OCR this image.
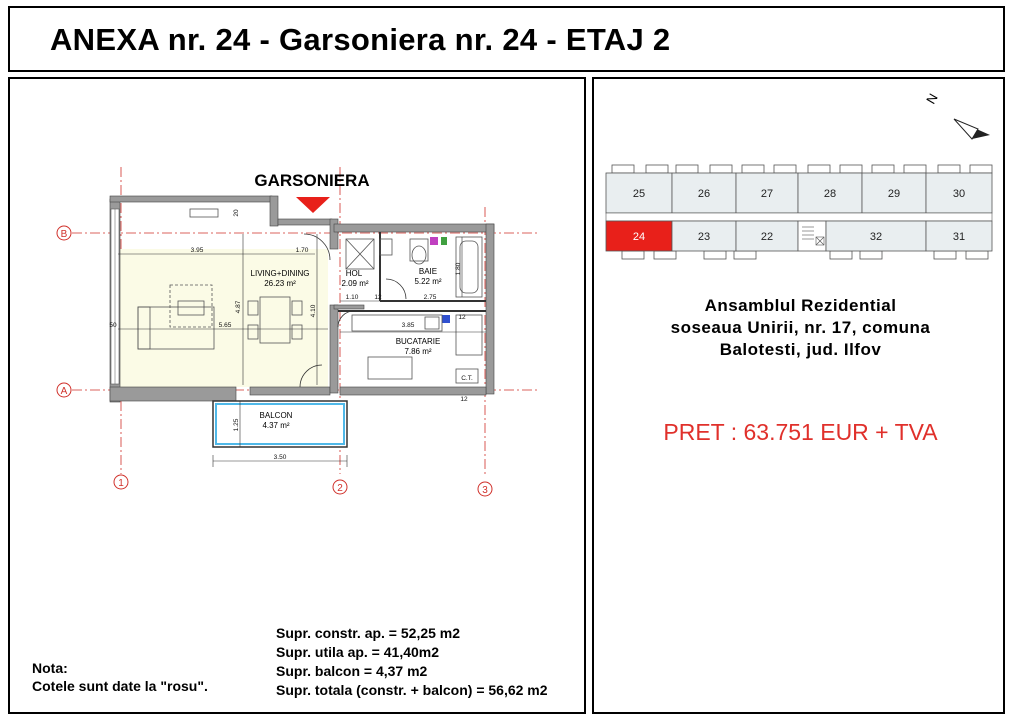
ANEXA nr. 24 - Garsoniera nr. 24 - ETAJ 2
B
A
1	2	3
GARSONIERA
LIVING+DINING
26.23 m²
HOL
2.09 m²
BAIE
5.22 m²
BUCATARIE
7.86 m²
BALCON
4.37 m²
3.95	1.70
5.65
1.10	2.75
3.85
3.50
50
12
12
12
20
4.87	4.10
1.25
1.80
C.T.
Supr. constr. ap. = 52,25 m2
Supr. utila ap. = 41,40m2
Supr. balcon = 4,37 m2
Supr. totala (constr. + balcon) = 56,62 m2
Nota:
Cotele sunt date la "rosu".
N
25	26	27	28	29	30
24	23	22	32	31
Ansamblul Rezidential
soseaua Unirii, nr. 17, comuna
Balotesti, jud. Ilfov
PRET : 63.751 EUR + TVA
